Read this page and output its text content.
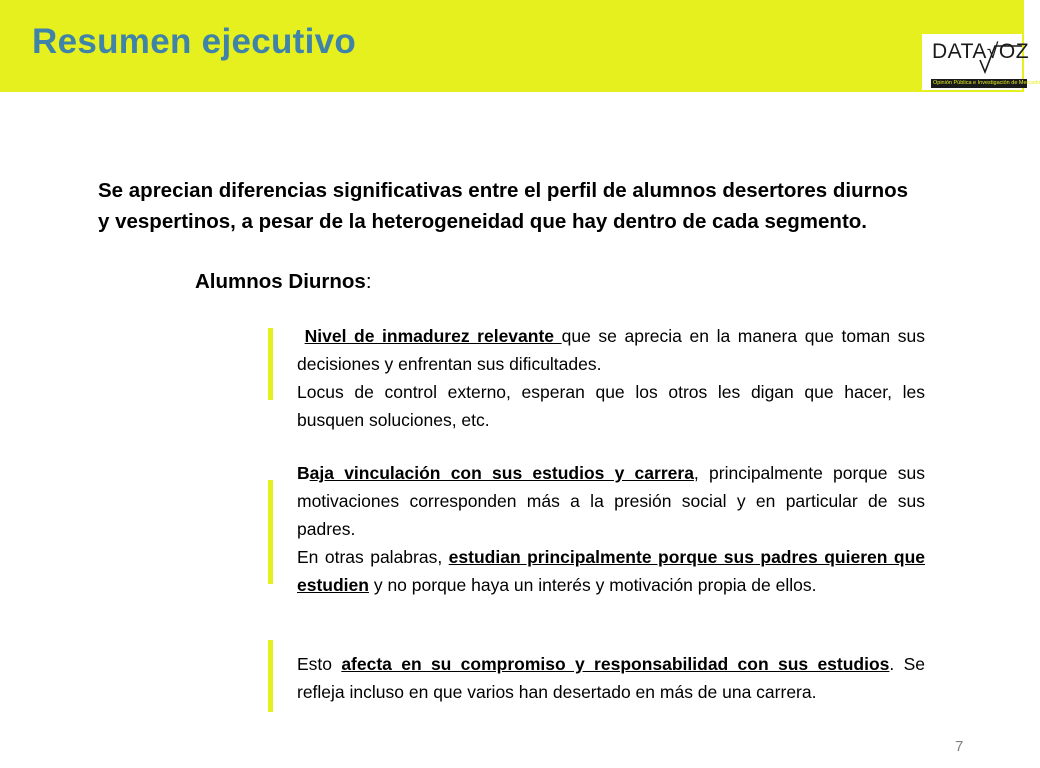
Resumen ejecutivo	DATA√OZ
Opinión Pública e Investigación de Mercado

Se aprecian diferencias significativas entre el perfil de alumnos desertores diurnos y vespertinos, a pesar de la heterogeneidad que hay dentro de cada segmento.

Alumnos Diurnos:

Nivel de inmadurez relevante que se aprecia en la manera que toman sus decisiones y enfrentan sus dificultades.

Locus de control externo, esperan que los otros les digan que hacer, les busquen soluciones, etc.

Baja vinculación con sus estudios y carrera, principalmente porque sus motivaciones corresponden más a la presión social y en particular de sus padres.

En otras palabras, estudian principalmente porque sus padres quieren que estudien y no porque haya un interés y motivación propia de ellos.

Esto afecta en su compromiso y responsabilidad con sus estudios. Se refleja incluso en que varios han desertado en más de una carrera.

7
